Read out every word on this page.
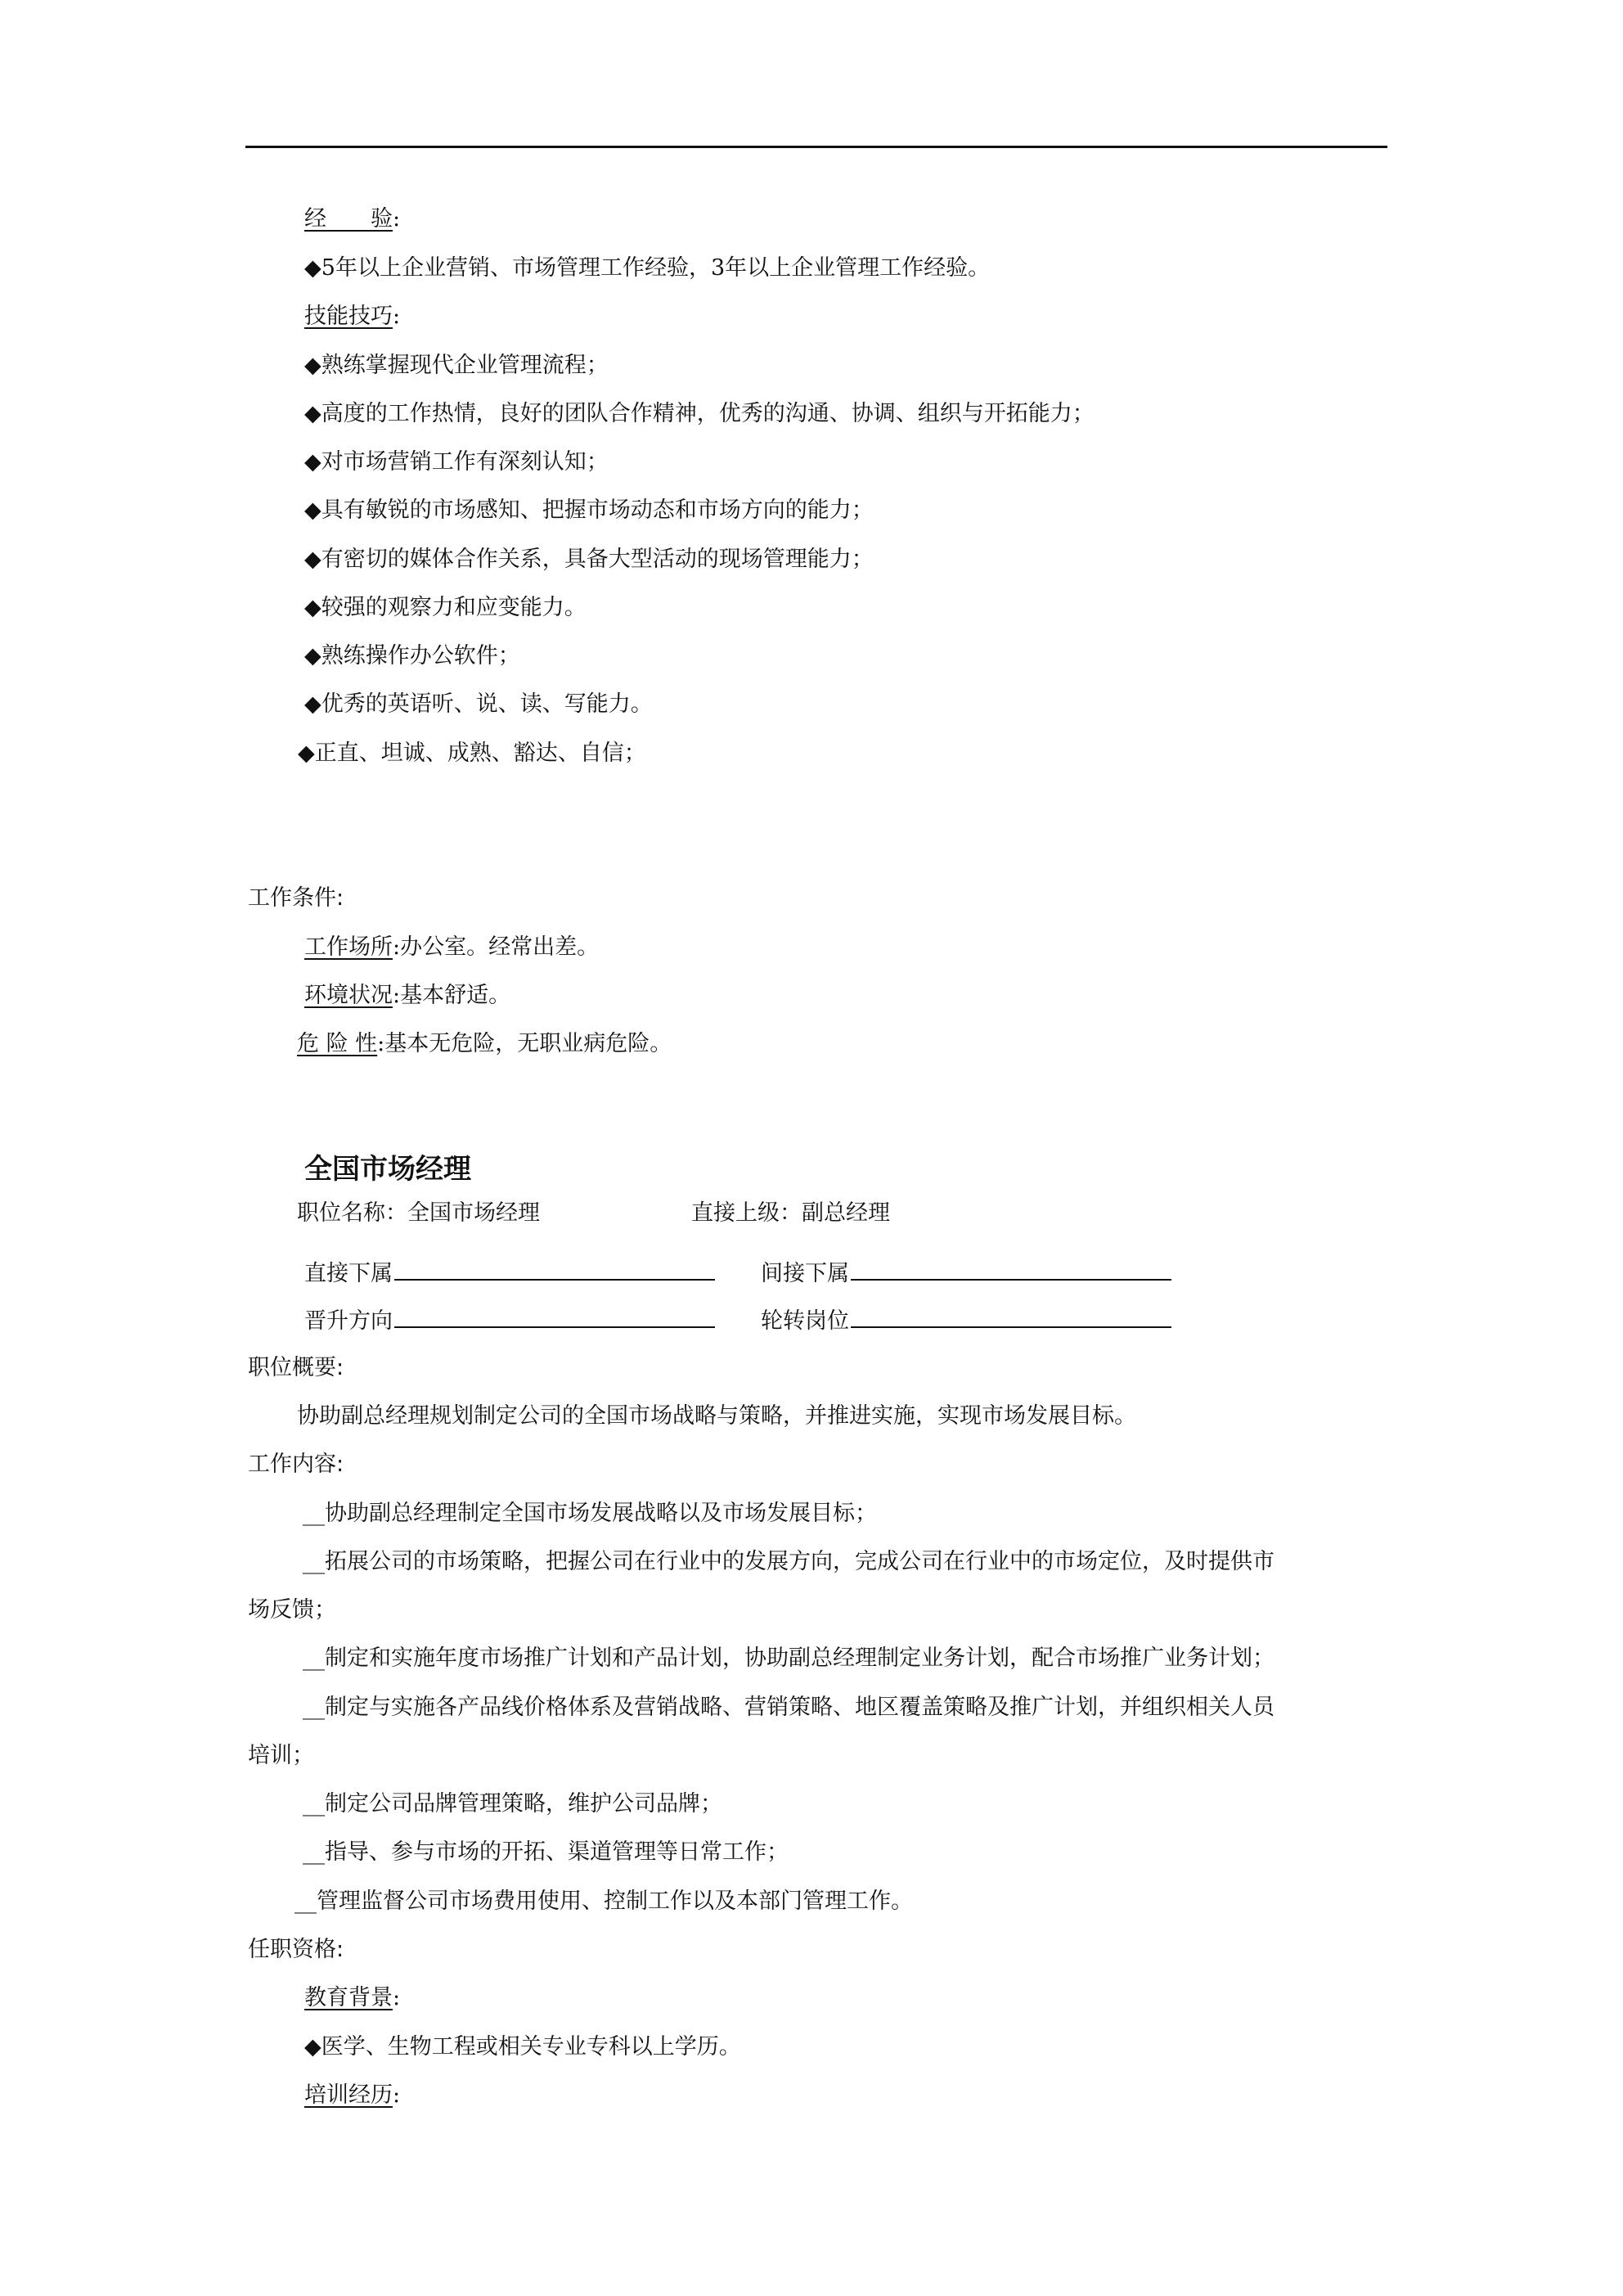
经　　验:
◆5年以上企业营销、市场管理工作经验，3年以上企业管理工作经验。
技能技巧:
◆熟练掌握现代企业管理流程；
◆高度的工作热情，良好的团队合作精神，优秀的沟通、协调、组织与开拓能力；
◆对市场营销工作有深刻认知；
◆具有敏锐的市场感知、把握市场动态和市场方向的能力；
◆有密切的媒体合作关系，具备大型活动的现场管理能力；
◆较强的观察力和应变能力。
◆熟练操作办公软件；
◆优秀的英语听、说、读、写能力。
◆正直、坦诚、成熟、豁达、自信；
工作条件:
工作场所:办公室。经常出差。
环境状况:基本舒适。
危 险 性:基本无危险，无职业病危险。
全国市场经理
职位名称：全国市场经理	直接上级：副总经理
直接下属	间接下属
晋升方向	轮转岗位
职位概要:
协助副总经理规划制定公司的全国市场战略与策略，并推进实施，实现市场发展目标。
工作内容:
__协助副总经理制定全国市场发展战略以及市场发展目标；
__拓展公司的市场策略，把握公司在行业中的发展方向，完成公司在行业中的市场定位，及时提供市
场反馈；
__制定和实施年度市场推广计划和产品计划，协助副总经理制定业务计划，配合市场推广业务计划；
__制定与实施各产品线价格体系及营销战略、营销策略、地区覆盖策略及推广计划，并组织相关人员
培训；
__制定公司品牌管理策略，维护公司品牌；
__指导、参与市场的开拓、渠道管理等日常工作；
__管理监督公司市场费用使用、控制工作以及本部门管理工作。
任职资格:
教育背景:
◆医学、生物工程或相关专业专科以上学历。
培训经历:
